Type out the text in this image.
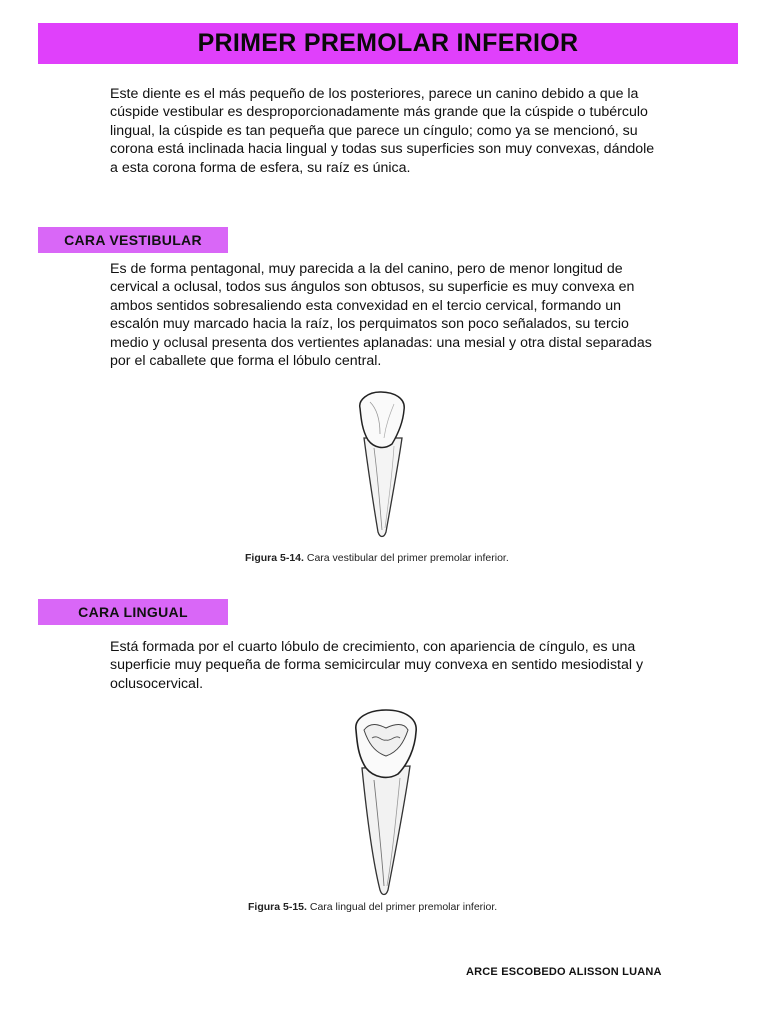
PRIMER PREMOLAR INFERIOR

Este diente es el más pequeño de los posteriores, parece un canino debido a que la cúspide vestibular es desproporcionadamente más grande que la cúspide o tubérculo lingual, la cúspide es tan pequeña que parece un cíngulo; como ya se mencionó, su corona está inclinada hacia lingual y todas sus superficies son muy convexas, dándole a esta corona forma de esfera, su raíz es única.

CARA VESTIBULAR

Es de forma pentagonal, muy parecida a la del canino, pero de menor longitud de cervical a oclusal, todos sus ángulos son obtusos, su superficie es muy convexa en ambos sentidos sobresaliendo esta convexidad en el tercio cervical, formando un escalón muy marcado hacia la raíz, los perquimatos son poco señalados, su tercio medio y oclusal presenta dos vertientes aplanadas: una mesial y otra distal separadas por el caballete que forma el lóbulo central.

Figura 5-14. Cara vestibular del primer premolar inferior.
CARA LINGUAL

Está formada por el cuarto lóbulo de crecimiento, con apariencia de cíngulo, es una superficie muy pequeña de forma semicircular muy convexa en sentido mesiodistal y oclusocervical.

Figura 5-15. Cara lingual del primer premolar inferior.
ARCE ESCOBEDO ALISSON LUANA
